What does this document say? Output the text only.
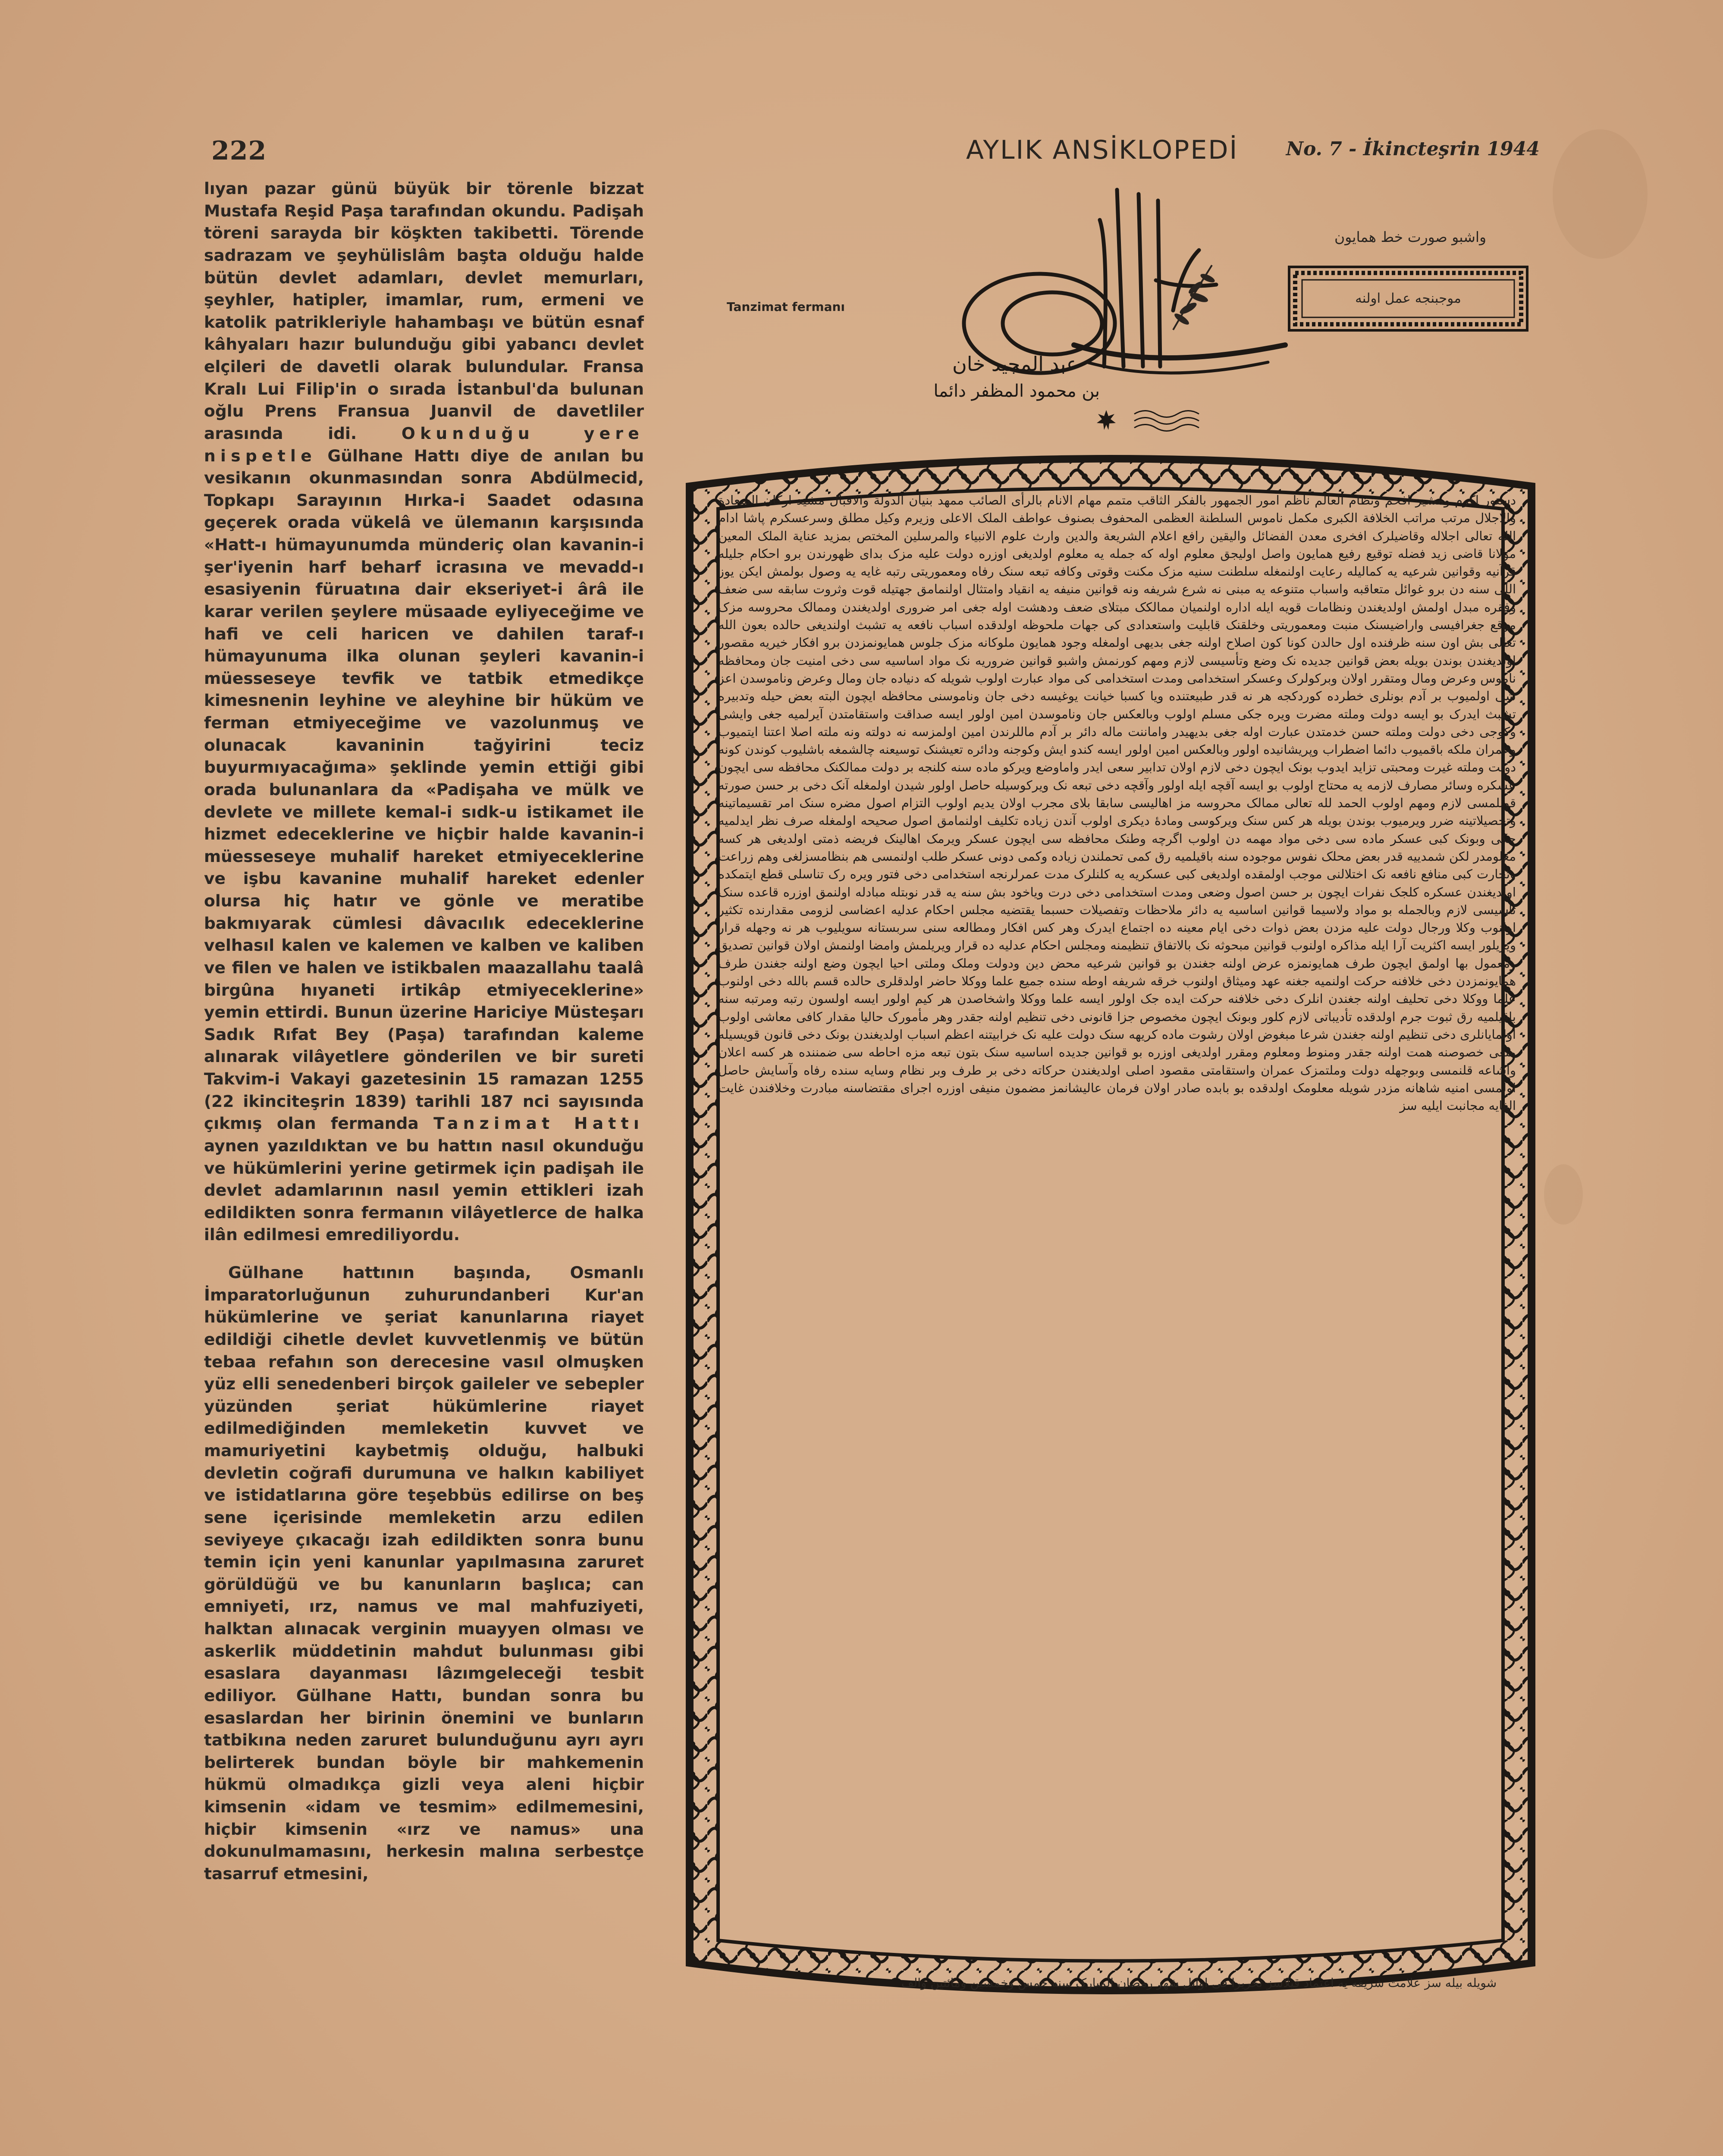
222	AYLIK ANSİKLOPEDİ	No. 7 - İkincteşrin 1944

lıyan pazar günü büyük bir törenle bizzat Mustafa Reşid Paşa tarafından okundu. Padişah töreni sarayda bir köşkten takibetti. Törende sadrazam ve şeyhülislâm başta olduğu halde bütün devlet adamları, devlet memurları, şeyhler, hatipler, imamlar, rum, ermeni ve katolik patrikleriyle hahambaşı ve bütün esnaf kâhyaları hazır bulunduğu gibi yabancı devlet elçileri de davetli olarak bulundular. Fransa Kralı Lui Filip'in o sırada İstanbul'da bulunan oğlu Prens Fransua Juanvil de davetliler arasında idi. Okunduğu yere nispetle Gülhane Hattı diye de anılan bu vesikanın okunmasından sonra Abdülmecid, Topkapı Sarayının Hırka-i Saadet odasına geçerek orada vükelâ ve ülemanın karşısında «Hatt-ı hümayunumda münderiç olan kavanin-i şer'iyenin harf beharf icrasına ve mevadd-ı esasiyenin füruatına dair ekseriyet-i ârâ ile karar verilen şeylere müsaade eyliyeceğime ve hafi ve celi haricen ve dahilen taraf-ı hümayunuma ilka olunan şeyleri kavanin-i müesseseye tevfik ve tatbik etmedikçe kimesnenin leyhine ve aleyhine bir hüküm ve ferman etmiyeceğime ve vazolunmuş ve olunacak kavaninin tağyirini teciz buyurmıyacağıma» şeklinde yemin ettiği gibi orada bulunanlara da «Padişaha ve mülk ve devlete ve millete kemal-i sıdk-u istikamet ile hizmet edeceklerine ve hiçbir halde kavanin-i müesseseye muhalif hareket etmiyeceklerine ve işbu kavanine muhalif hareket edenler olursa hiç hatır ve gönle ve meratibe bakmıyarak cümlesi dâvacılık edeceklerine velhasıl kalen ve kalemen ve kalben ve kaliben ve filen ve halen ve istikbalen maazallahu taalâ birgûna hıyaneti irtikâp etmiyeceklerine» yemin ettirdi. Bunun üzerine Hariciye Müsteşarı Sadık Rıfat Bey (Paşa) tarafından kaleme alınarak vilâyetlere gönderilen ve bir sureti Takvim-i Vakayi gazetesinin 15 ramazan 1255 (22 ikinciteşrin 1839) tarihli 187 nci sayısında çıkmış olan fermanda Tanzimat Hattı aynen yazıldıktan ve bu hattın nasıl okunduğu ve hükümlerini yerine getirmek için padişah ile devlet adamlarının nasıl yemin ettikleri izah edildikten sonra fermanın vilâyetlerce de halka ilân edilmesi emrediliyordu.

Gülhane hattının başında, Osmanlı İmparatorluğunun zuhurundanberi Kur'an hükümlerine ve şeriat kanunlarına riayet edildiği cihetle devlet kuvvetlenmiş ve bütün tebaa refahın son derecesine vasıl olmuşken yüz elli senedenberi birçok gaileler ve sebepler yüzünden şeriat hükümlerine riayet edilmediğinden memleketin kuvvet ve mamuriyetini kaybetmiş olduğu, halbuki devletin coğrafi durumuna ve halkın kabiliyet ve istidatlarına göre teşebbüs edilirse on beş sene içerisinde memleketin arzu edilen seviyeye çıkacağı izah edildikten sonra bunu temin için yeni kanunlar yapılmasına zaruret görüldüğü ve bu kanunların başlıca; can emniyeti, ırz, namus ve mal mahfuziyeti, halktan alınacak verginin muayyen olması ve askerlik müddetinin mahdut bulunması gibi esaslara dayanması lâzımgeleceği tesbit ediliyor. Gülhane Hattı, bundan sonra bu esaslardan her birinin önemini ve bunların tatbikına neden zaruret bulunduğunu ayrı ayrı belirterek bundan böyle bir mahkemenin hükmü olmadıkça gizli veya aleni hiçbir kimsenin «idam ve tesmim» edilmemesini, hiçbir kimsenin «ırz ve namus» una dokunulmamasını, herkesin malına serbestçe tasarruf etmesini,

Tanzimat fermanı
عبد المجيد خان
بن محمود المظفر دائما
واشبو صورت خط همايون
موجبنجه عمل اولنه

دستور اکرم ومشیر افخم ونظام العالم ناظم امور الجمهور بالفکر الثاقب متمم مهام الانام بالرأی الصائب ممهد بنیان الدولة والاقبال مشید ارکان السعادة والاجلال مرتب مراتب الخلافة الکبری مکمل ناموس السلطنة العظمی المحفوف بصنوف عواطف الملک الاعلی وزیرم وکیل مطلق وسرعسکرم پاشا ادام الله تعالی اجلاله وقاضیلرک افخری معدن الفضائل والیقین رافع اعلام الشریعة والدین وارث علوم الانبیاء والمرسلین المختص بمزید عنایة الملک المعین مولانا قاضی زید فضله توقیع رفیع همایون واصل اولیجق معلوم اوله که جمله یه معلوم اولدیغی اوزره دولت علیه مزک بدای ظهورندن برو احکام جلیله قرآنیه وقوانین شرعیه یه کمالیله رعایت اولنمغله سلطنت سنیه مزک مکنت وقوتی وکافه تبعه سنک رفاه ومعموریتی رتبه غایه یه وصول بولمش ایکن یوز اللی سنه دن برو غوائل متعاقبه واسباب متنوعه یه مبنی نه شرع شریفه ونه قوانین منیفه یه انقیاد وامتثال اولنمامق جهتیله قوت وثروت سابقه سی ضعف وفقره مبدل اولمش اولدیغندن ونظامات قویه ایله اداره اولنمیان ممالکک مبتلای ضعف ودهشت اوله جغی امر ضروری اولدیغندن وممالک محروسه مزک موقع جغرافیسی واراضیسنک منبت ومعموریتی وخلقنک قابلیت واستعدادی کی جهات ملحوظه اولدقده اسباب نافعه یه تشبث اولندیغی حالده بعون الله تعالی بش اون سنه ظرفنده اول حالدن کونا کون اصلاح اولنه جغی بدیهی اولمغله وجود همایون ملوکانه مزک جلوس همایونمزدن برو افکار خیریه مقصور اولدیغندن بوندن بویله بعض قوانین جدیده نک وضع وتأسیسی لازم ومهم کورنمش واشبو قوانین ضروریه نک مواد اساسیه سی دخی امنیت جان ومحافظه ناموس وعرض ومال ومتقرر اولان وبرکولرک وعسکر استخدامی ومدت استخدامی کی مواد عبارت اولوب شویله که دنیاده جان ومال وعرض وناموسدن اعز شی اولمیوب بر آدم بونلری خطرده کوردکجه هر نه قدر طبیعتنده ویا کسبا خیانت یوغیسه دخی جان وناموسنی محافظه ایچون البته بعض حیله وتدبیره تشبث ایدرک بو ایسه دولت وملته مضرت ویره جکی مسلم اولوب وبالعکس جان وناموسدن امین اولور ایسه صداقت واستقامتدن آیرلمیه جغی وایشی وکوجی دخی دولت وملته حسن خدمتدن عبارت اوله جغی بدیهیدر واماننت ماله دائر بر آدم ماللرندن امین اولمزسه نه دولته ونه ملته اصلا اعتنا ایتمیوب وعمران ملکه باقمیوب دائما اضطراب وپریشانیده اولور وبالعکس امین اولور ایسه کندو ایش وکوجنه ودائره تعیشنک توسیعنه چالشمغه باشلیوب کوندن کونه دولت وملته غیرت ومحبتی تزاید ایدوب بونک ایچون دخی لازم اولان تدابیر سعی ایدر واماوضع ویرکو ماده سنه کلنجه بر دولت ممالکنک محافظه سی ایچون عسکره وسائر مصارف لازمه یه محتاج اولوب بو ایسه آقچه ایله اولور وآقچه دخی تبعه نک ویرکوسیله حاصل اولور شیدن اولمغله آنک دخی بر حسن صورته قونلمسی لازم ومهم اولوب الحمد لله تعالی ممالک محروسه مز اهالیسی سابقا بلای مجرب اولان یدیم اولوب التزام اصول مضره سنک امر تقسیماتینه وتحصیلاتینه ضرر ویرمیوب بوندن بویله هر کس سنک ویرکوسی ومادهٔ دیکری اولوب آندن زیاده تکلیف اولنمامق اصول صحیحه اولمغله صرف نظر ایدلمیه جکی وبونک کبی عسکر ماده سی دخی مواد مهمه دن اولوب اگرچه وطنک محافظه سی ایچون عسکر ویرمک اهالینک فریضه ذمتی اولدیغی هر کسه معلومدر لکن شمدییه قدر بعض محلک نفوس موجوده سنه باقیلمیه رق کمی تحملندن زیاده وکمی دونی عسکر طلب اولنمسی هم بنظامسزلغی وهم زراعت وتجارت کبی منافع نافعه نک اختلالنی موجب اولمقده اولدیغی کبی عسکریه یه کلنلرک مدت عمرلرنجه استخدامی دخی فتور ویره رک تناسلی قطع ایتمکده اولدیغندن عسکره کلجک نفرات ایچون بر حسن اصول وضعی ومدت استخدامی دخی درت ویاخود بش سنه یه قدر نوبتله مبادله اولنمق اوزره قاعده سنک تأسیسی لازم وبالجمله بو مواد ولاسیما قوانین اساسیه یه دائر ملاحظات وتفصیلات حسبما یقتضیه مجلس احکام عدلیه اعضاسی لزومی مقدارنده تکثیر اولنوب وکلا ورجال دولت علیه مزدن بعض ذوات دخی ایام معینه ده اجتماع ایدرک وهر کس افکار ومطالعه سنی سربستانه سویلیوب هر نه وجهله قرار ویریلور ایسه اکثریت آرا ایله مذاکره اولنوب قوانین مبحوثه نک بالاتفاق تنظیمنه ومجلس احکام عدلیه ده قرار ویریلمش وامضا اولنمش اولان قوانین تصدیق ومعمول بها اولمق ایچون طرف همایونمزه عرض اولنه جغندن بو قوانین شرعیه محض دین ودولت وملک وملتی احیا ایچون وضع اولنه جغندن طرف همایونمزدن دخی خلافنه حرکت اولنمیه جغنه عهد ومیثاق اولنوب خرقه شریفه اوطه سنده جمیع علما ووکلا حاضر اولدقلری حالده قسم بالله دخی اولنوب علما ووکلا دخی تحلیف اولنه جغندن انلرک دخی خلافنه حرکت ایده جک اولور ایسه علما ووکلا واشخاصدن هر کیم اولور ایسه اولسون رتبه ومرتبه سنه باقیلمیه رق ثبوت جرم اولدقده تأدیباتی لازم کلور وبونک ایچون مخصوص جزا قانونی دخی تنظیم اولنه جقدر وهر مأمورک حالیا مقدار کافی معاشی اولوب اولمایانلری دخی تنظیم اولنه جغندن شرعا مبغوض اولان رشوت ماده کریهه سنک دولت علیه نک خرابیتنه اعظم اسباب اولدیغندن بونک دخی قانون قویسیله منعی خصوصنه همت اولنه جقدر ومنوط ومعلوم ومقرر اولدیغی اوزره بو قوانین جدیده اساسیه سنک بتون تبعه مزه احاطه سی ضمننده هر کسه اعلان واشاعه قلنمسی وبوجهله دولت وملتمزک عمران واستقامتی مقصود اصلی اولدیغندن حرکاته دخی بر طرف وبر نظام وسایه سنده رفاه وآسایش حاصل اولمسی امنیه شاهانه مزدر شویله معلومک اولدقده بو بابده صادر اولان فرمان عالیشانمز مضمون منیفی اوزره اجرای مقتضاسنه مبادرت وخلافندن غایت الغایه مجانبت ایلیه سز

شویله بیله سز علامت شریفه یه اعتماد قیلاسز تحریرا فی اوائل شهر رمضان المبارک سنه خمس وخمسین ومائتین والف
